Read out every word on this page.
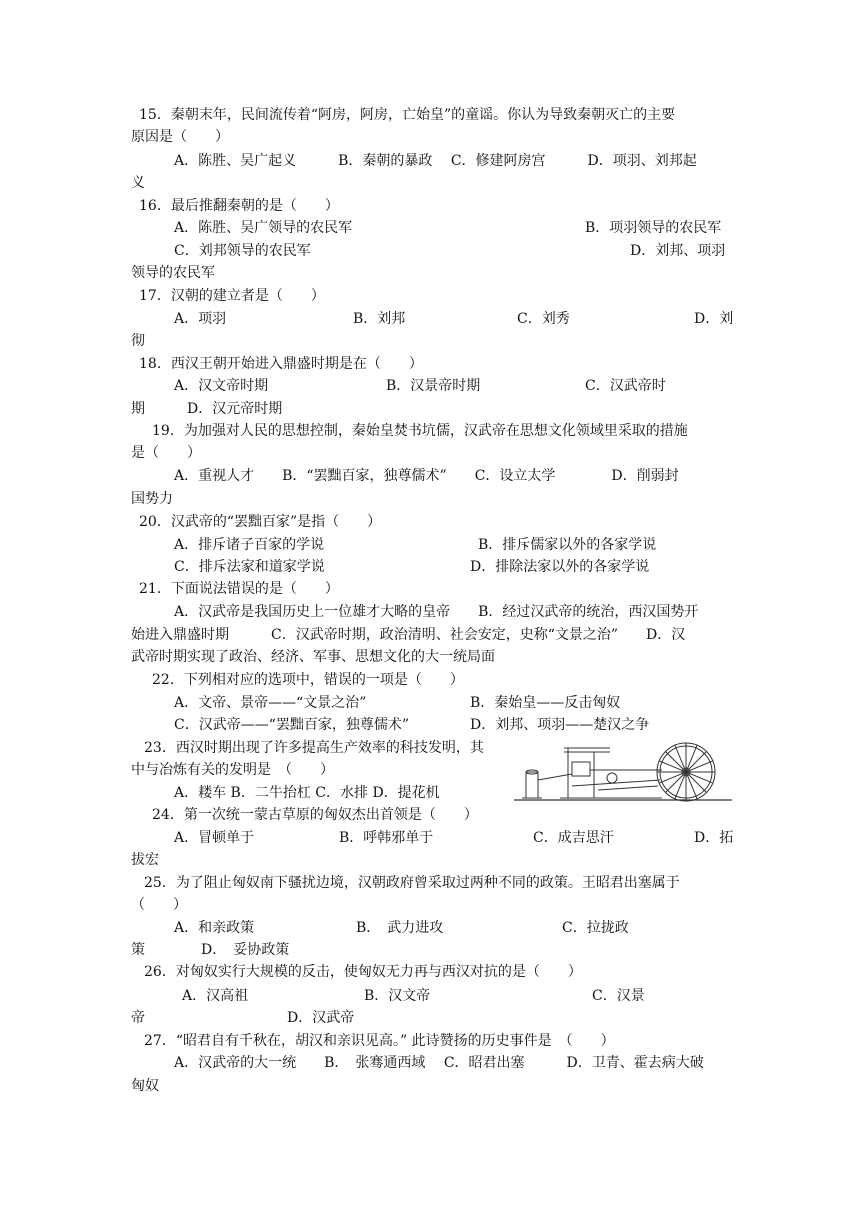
15．秦朝末年，民间流传着“阿房，阿房，亡始皇”的童谣。你认为导致秦朝灭亡的主要
原因是（　　）
A．陈胜、吴广起义　　　B．秦朝的暴政　 C．修建阿房宫　　　D．项羽、刘邦起
义
16．最后推翻秦朝的是（　　）
A．陈胜、吴广领导的农民军	B．项羽领导的农民军
C．刘邦领导的农民军	D．刘邦、项羽
领导的农民军
17．汉朝的建立者是（　　）
A．项羽	B．刘邦	C．刘秀	D．刘
彻
18．西汉王朝开始进入鼎盛时期是在（　　）
A．汉文帝时期	B．汉景帝时期	C．汉武帝时
期　　　D．汉元帝时期
19．为加强对人民的思想控制，秦始皇焚书坑儒，汉武帝在思想文化领域里采取的措施
是（　　）
A．重视人才　　B．“罢黜百家，独尊儒术”　　C．设立太学　　　　D．削弱封
国势力
20．汉武帝的“罢黜百家”是指（　　）
A．排斥诸子百家的学说	B．排斥儒家以外的各家学说
C．排斥法家和道家学说	D．排除法家以外的各家学说
21．下面说法错误的是（　　）
A．汉武帝是我国历史上一位雄才大略的皇帝　　B．经过汉武帝的统治，西汉国势开
始进入鼎盛时期　　　C．汉武帝时期，政治清明、社会安定，史称“文景之治”　　D．汉
武帝时期实现了政治、经济、军事、思想文化的大一统局面
22．下列相对应的选项中，错误的一项是（　　）
A．文帝、景帝——“文景之治”	B．秦始皇——反击匈奴
C．汉武帝——“罢黜百家，独尊儒术”	D．刘邦、项羽——楚汉之争
23．西汉时期出现了许多提高生产效率的科技发明，其
中与冶炼有关的发明是　（　　）
A．耧车 B．二牛抬杠 C．水排 D．提花机
24．第一次统一蒙古草原的匈奴杰出首领是（　　）
A．冒顿单于	B．呼韩邪单于	C．成吉思汗	D．拓
拔宏
25．为了阻止匈奴南下骚扰边境，汉朝政府曾采取过两种不同的政策。王昭君出塞属于
（　　）
A．和亲政策	B．　武力进攻	C．拉拢政
策　　　　D．　妥协政策
26．对匈奴实行大规模的反击，使匈奴无力再与西汉对抗的是（　　）
A．汉高祖	B．汉文帝	C．汉景
帝	D．汉武帝
27．“昭君自有千秋在，胡汉和亲识见高。” 此诗赞扬的历史事件是　（　　）
A．汉武帝的大一统　　B．　张骞通西域　 C．昭君出塞　　　D．卫青、霍去病大破
匈奴
